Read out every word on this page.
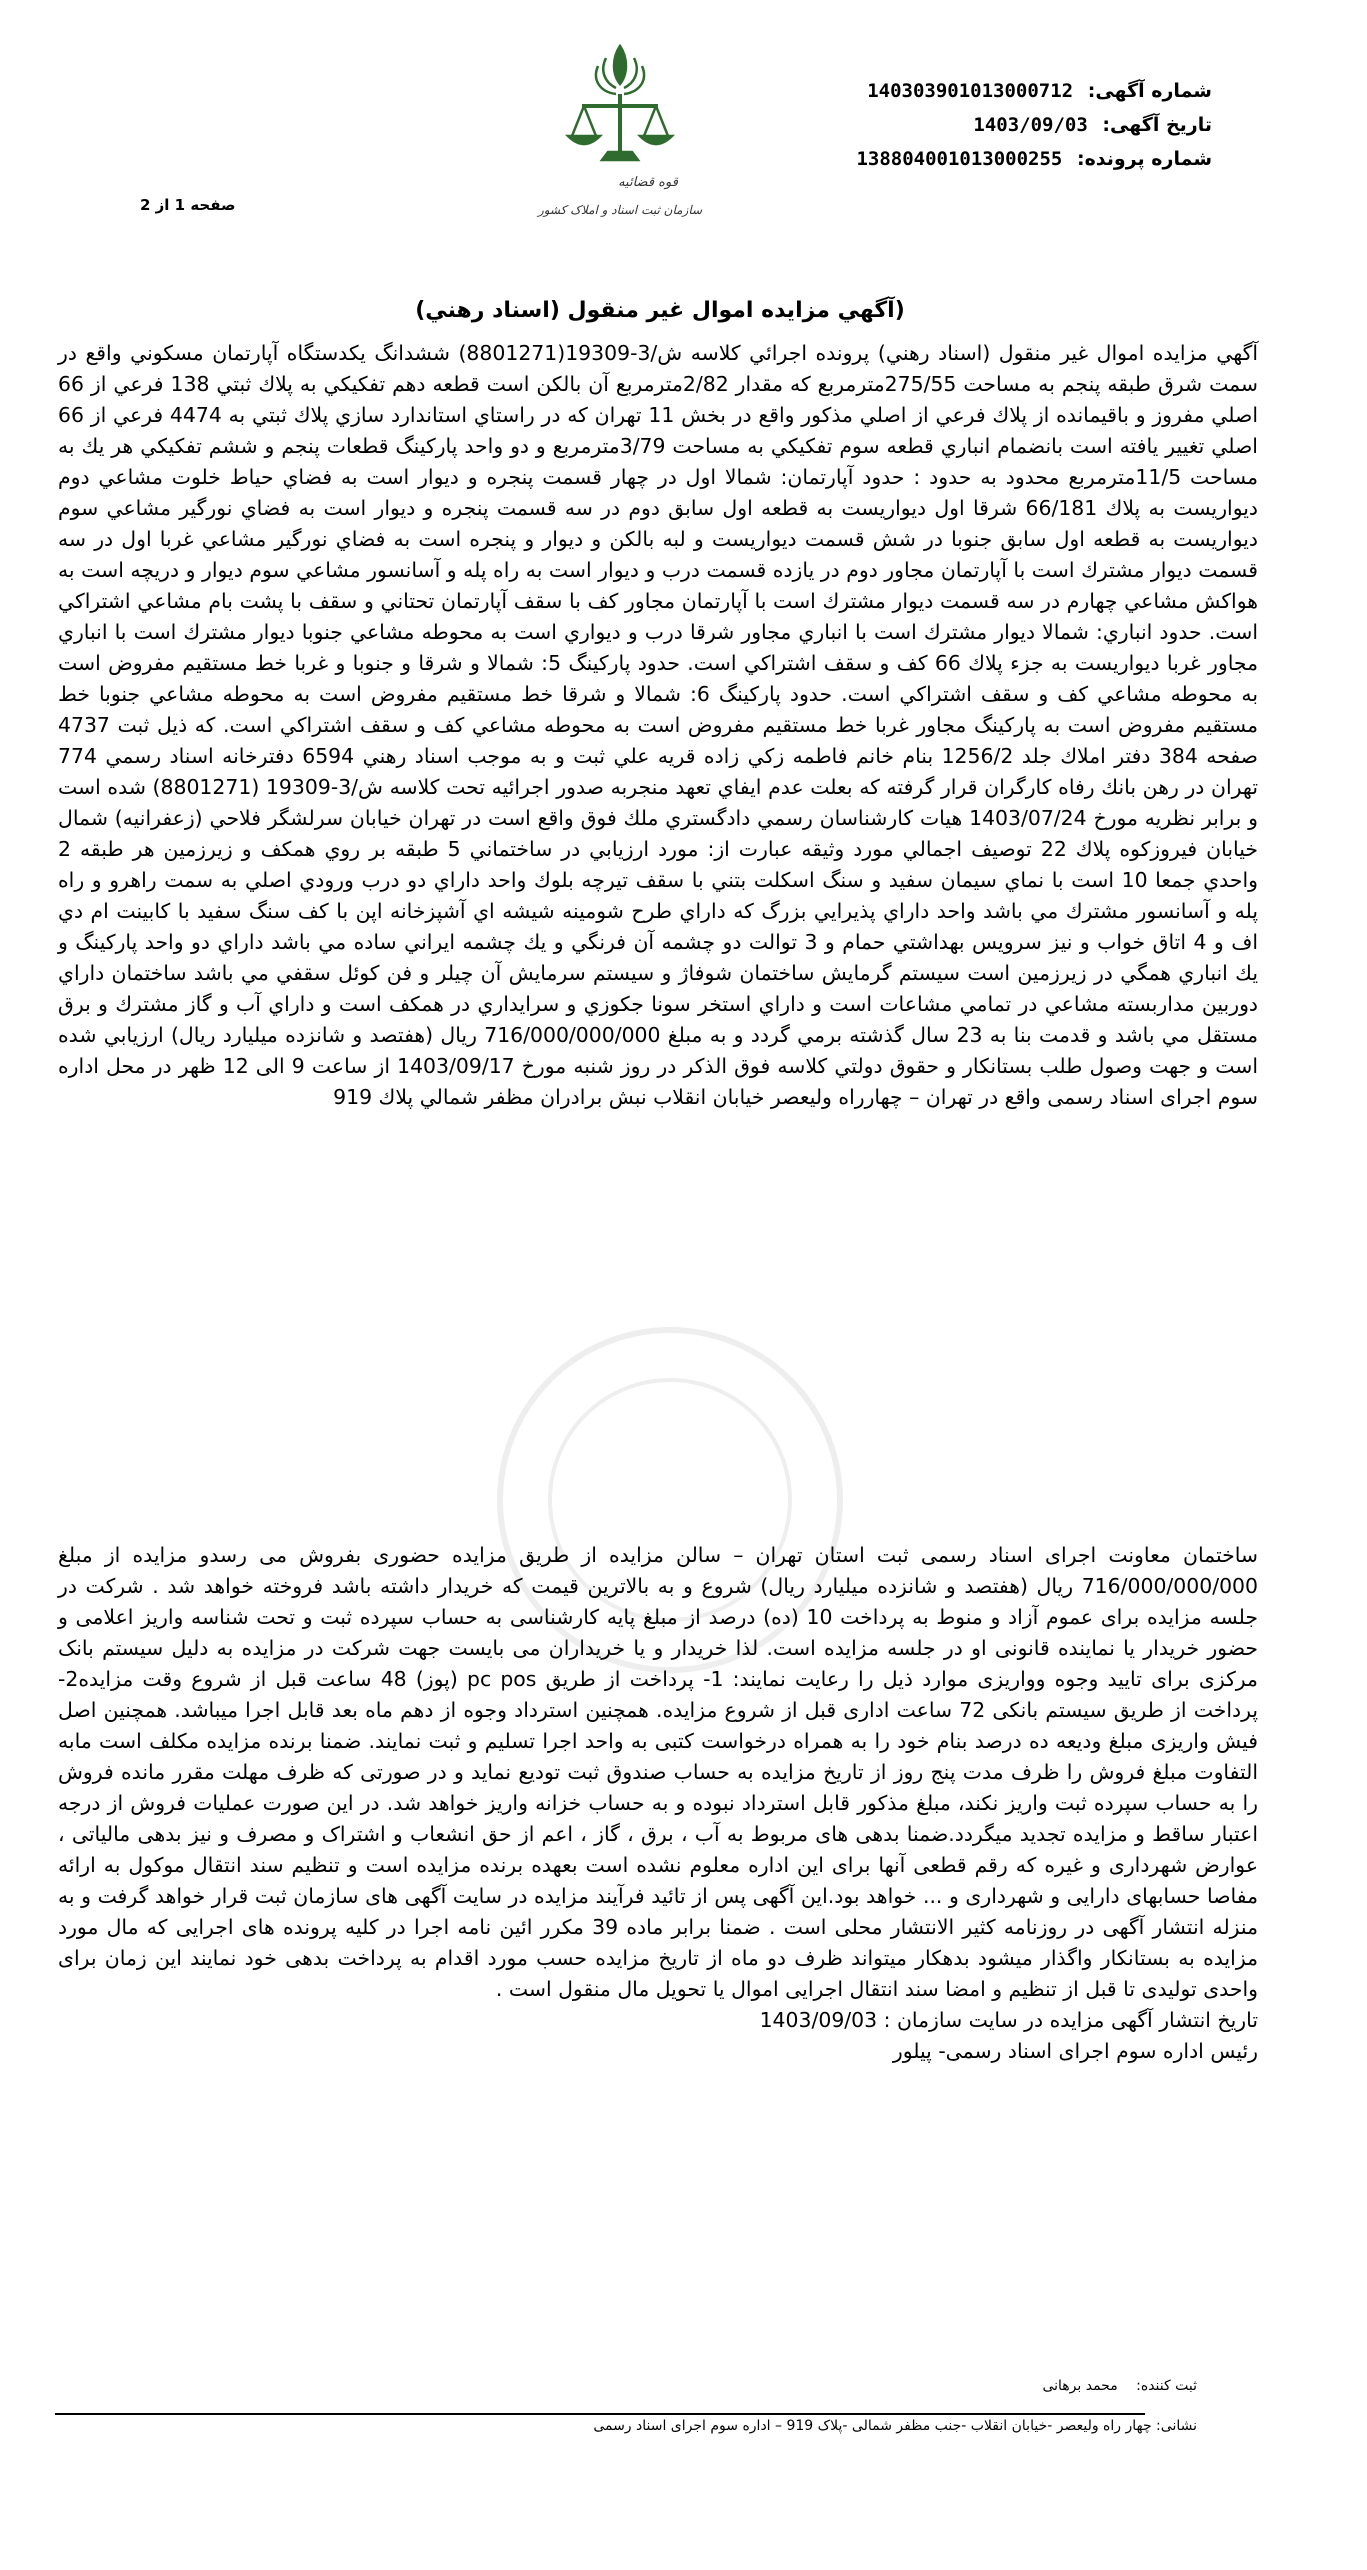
قوه قضائیه
سازمان ثبت اسناد و املاک کشور
شماره آگهی: 140303901013000712
تاریخ آگهی: 1403/09/03
شماره پرونده: 138804001013000255
صفحه 1 از 2
(آگهي مزايده اموال غير منقول (اسناد رهني)

آگهي مزايده اموال غير منقول (اسناد رهني) پرونده اجرائي كلاسه ش/3-19309(8801271) ششدانگ يكدستگاه آپارتمان مسكوني واقع در سمت شرق طبقه پنجم به مساحت 275/55مترمربع كه مقدار 2/82مترمربع آن بالكن است قطعه دهم تفكيكي به پلاك ثبتي 138 فرعي از 66 اصلي مفروز و باقيمانده از پلاك فرعي از اصلي مذكور واقع در بخش 11 تهران كه در راستاي استاندارد سازي پلاك ثبتي به 4474 فرعي از 66 اصلي تغيير يافته است بانضمام انباري قطعه سوم تفكيكي به مساحت 3/79مترمربع و دو واحد پاركينگ قطعات پنجم و ششم تفكيكي هر يك به مساحت 11/5مترمربع محدود به حدود : حدود آپارتمان: شمالا اول در چهار قسمت پنجره و ديوار است به فضاي حياط خلوت مشاعي دوم ديواريست به پلاك 66/181 شرقا اول ديواريست به قطعه اول سابق دوم در سه قسمت پنجره و ديوار است به فضاي نورگير مشاعي سوم ديواريست به قطعه اول سابق جنوبا در شش قسمت ديواريست و لبه بالكن و ديوار و پنجره است به فضاي نورگير مشاعي غربا اول در سه قسمت ديوار مشترك است با آپارتمان مجاور دوم در يازده قسمت درب و ديوار است به راه پله و آسانسور مشاعي سوم ديوار و دريچه است به هواكش مشاعي چهارم در سه قسمت ديوار مشترك است با آپارتمان مجاور كف با سقف آپارتمان تحتاني و سقف با پشت بام مشاعي اشتراكي است. حدود انباري: شمالا ديوار مشترك است با انباري مجاور شرقا درب و ديواري است به محوطه مشاعي جنوبا ديوار مشترك است با انباري مجاور غربا ديواريست به جزء پلاك 66 كف و سقف اشتراكي است. حدود پاركينگ 5: شمالا و شرقا و جنوبا و غربا خط مستقيم مفروض است به محوطه مشاعي كف و سقف اشتراكي است. حدود پاركينگ 6: شمالا و شرقا خط مستقيم مفروض است به محوطه مشاعي جنوبا خط مستقيم مفروض است به پاركينگ مجاور غربا خط مستقيم مفروض است به محوطه مشاعي كف و سقف اشتراكي است. كه ذيل ثبت 4737 صفحه 384 دفتر املاك جلد 1256/2 بنام خانم فاطمه زكي زاده قريه علي ثبت و به موجب اسناد رهني 6594 دفترخانه اسناد رسمي 774 تهران در رهن بانك رفاه كارگران قرار گرفته كه بعلت عدم ايفاي تعهد منجربه صدور اجرائيه تحت كلاسه ش/3-19309 (8801271) شده است و برابر نظريه مورخ 1403/07/24 هيات كارشناسان رسمي دادگستري ملك فوق واقع است در تهران خيابان سرلشگر فلاحي (زعفرانيه) شمال خيابان فيروزكوه پلاك 22 توصيف اجمالي مورد وثيقه عبارت از: مورد ارزيابي در ساختماني 5 طبقه بر روي همكف و زيرزمين هر طبقه 2 واحدي جمعا 10 است با نماي سيمان سفيد و سنگ اسكلت بتني با سقف تيرچه بلوك واحد داراي دو درب ورودي اصلي به سمت راهرو و راه پله و آسانسور مشترك مي باشد واحد داراي پذيرايي بزرگ كه داراي طرح شومينه شيشه اي آشپزخانه اپن با كف سنگ سفيد با كابينت ام دي اف و 4 اتاق خواب و نيز سرويس بهداشتي حمام و 3 توالت دو چشمه آن فرنگي و يك چشمه ايراني ساده مي باشد داراي دو واحد پاركينگ و يك انباري همگي در زيرزمين است سيستم گرمايش ساختمان شوفاژ و سيستم سرمايش آن چيلر و فن كوئل سقفي مي باشد ساختمان داراي دوربين مداربسته مشاعي در تمامي مشاعات است و داراي استخر سونا جكوزي و سرايداري در همكف است و داراي آب و گاز مشترك و برق مستقل مي باشد و قدمت بنا به 23 سال گذشته برمي گردد و به مبلغ 716/000/000/000 ريال (هفتصد و شانزده ميليارد ريال) ارزيابي شده است و جهت وصول طلب بستانكار و حقوق دولتي كلاسه فوق الذكر در روز شنبه مورخ 1403/09/17 از ساعت 9 الی 12 ظهر در محل اداره سوم اجرای اسناد رسمی واقع در تهران – چهارراه وليعصر خيابان انقلاب نبش برادران مظفر شمالي پلاك 919

ساختمان معاونت اجرای اسناد رسمی ثبت استان تهران – سالن مزایده از طریق مزایده حضوری بفروش می رسدو مزایده از مبلغ 716/000/000/000 ریال (هفتصد و شانزده میلیارد ریال) شروع و به بالاترین قیمت که خریدار داشته باشد فروخته خواهد شد . شرکت در جلسه مزایده برای عموم آزاد و منوط به پرداخت 10 (ده) درصد از مبلغ پایه کارشناسی به حساب سپرده ثبت و تحت شناسه واریز اعلامی و حضور خریدار یا نماینده قانونی او در جلسه مزایده است. لذا خریدار و یا خریداران می بایست جهت شرکت در مزایده به دلیل سیستم بانک مرکزی برای تایید وجوه وواریزی موارد ذیل را رعایت نمایند: 1- پرداخت از طریق pc pos (پوز) 48 ساعت قبل از شروع وقت مزایده2- پرداخت از طریق سیستم بانکی 72 ساعت اداری قبل از شروع مزایده. همچنین استرداد وجوه از دهم ماه بعد قابل اجرا میباشد. همچنین اصل فیش واریزی مبلغ ودیعه ده درصد بنام خود را به همراه درخواست کتبی به واحد اجرا تسلیم و ثبت نمایند. ضمنا برنده مزایده مکلف است مابه التفاوت مبلغ فروش را ظرف مدت پنج روز از تاریخ مزایده به حساب صندوق ثبت تودیع نماید و در صورتی که ظرف مهلت مقرر مانده فروش را به حساب سپرده ثبت واریز نکند، مبلغ مذکور قابل استرداد نبوده و به حساب خزانه واریز خواهد شد. در این صورت عملیات فروش از درجه اعتبار ساقط و مزایده تجدید میگردد.ضمنا بدهی های مربوط به آب ، برق ، گاز ، اعم از حق انشعاب و اشتراک و مصرف و نیز بدهی مالیاتی ، عوارض شهرداری و غیره که رقم قطعی آنها برای این اداره معلوم نشده است بعهده برنده مزایده است و تنظیم سند انتقال موکول به ارائه مفاصا حسابهای دارایی و شهرداری و ... خواهد بود.این آگهی پس از تائید فرآیند مزایده در سایت آگهی های سازمان ثبت قرار خواهد گرفت و به منزله انتشار آگهی در روزنامه کثیر الانتشار محلی است . ضمنا برابر ماده 39 مکرر ائین نامه اجرا در کلیه پرونده های اجرایی که مال مورد مزایده به بستانکار واگذار میشود بدهکار میتواند ظرف دو ماه از تاریخ مزایده حسب مورد اقدام به پرداخت بدهی خود نمایند این زمان برای واحدی تولیدی تا قبل از تنظیم و امضا سند انتقال اجرایی اموال یا تحویل مال منقول است .

تاریخ انتشار آگهی مزایده در سایت سازمان : 1403/09/03

رئیس اداره سوم اجرای اسناد رسمی- پیلور

ثبت کننده: محمد برهانی
نشانی: چهار راه ولیعصر -خیابان انقلاب -جنب مظفر شمالی -پلاک 919 – اداره سوم اجرای اسناد رسمی
